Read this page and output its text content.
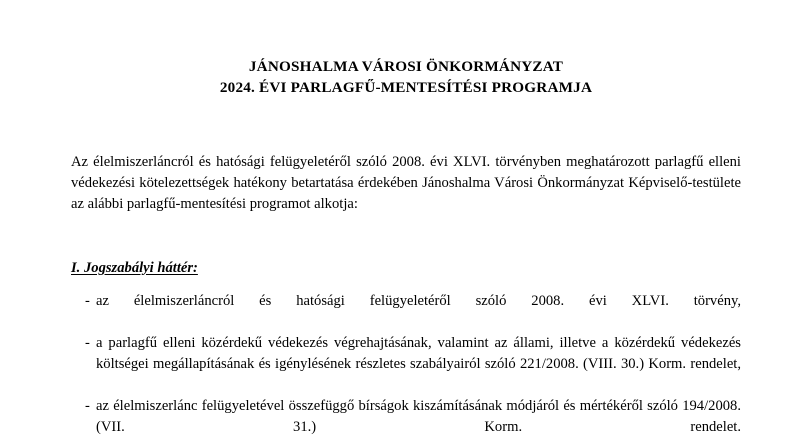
JÁNOSHALMA VÁROSI ÖNKORMÁNYZAT
2024. ÉVI PARLAGFŰ-MENTESÍTÉSI PROGRAMJA

Az élelmiszerláncról és hatósági felügyeletéről szóló 2008. évi XLVI. törvényben meghatározott parlagfű elleni védekezési kötelezettségek hatékony betartatása érdekében Jánoshalma Városi Önkormányzat Képviselő-testülete az alábbi parlagfű-mentesítési programot alkotja:

I. Jogszabályi háttér:
- az élelmiszerláncról és hatósági felügyeletéről szóló 2008. évi XLVI. törvény,
- a parlagfű elleni közérdekű védekezés végrehajtásának, valamint az állami, illetve a közérdekű védekezés költségei megállapításának és igénylésének részletes szabályairól szóló 221/2008. (VIII. 30.) Korm. rendelet,
- az élelmiszerlánc felügyeletével összefüggő bírságok kiszámításának módjáról és mértékéről szóló 194/2008. (VII. 31.) Korm. rendelet.
